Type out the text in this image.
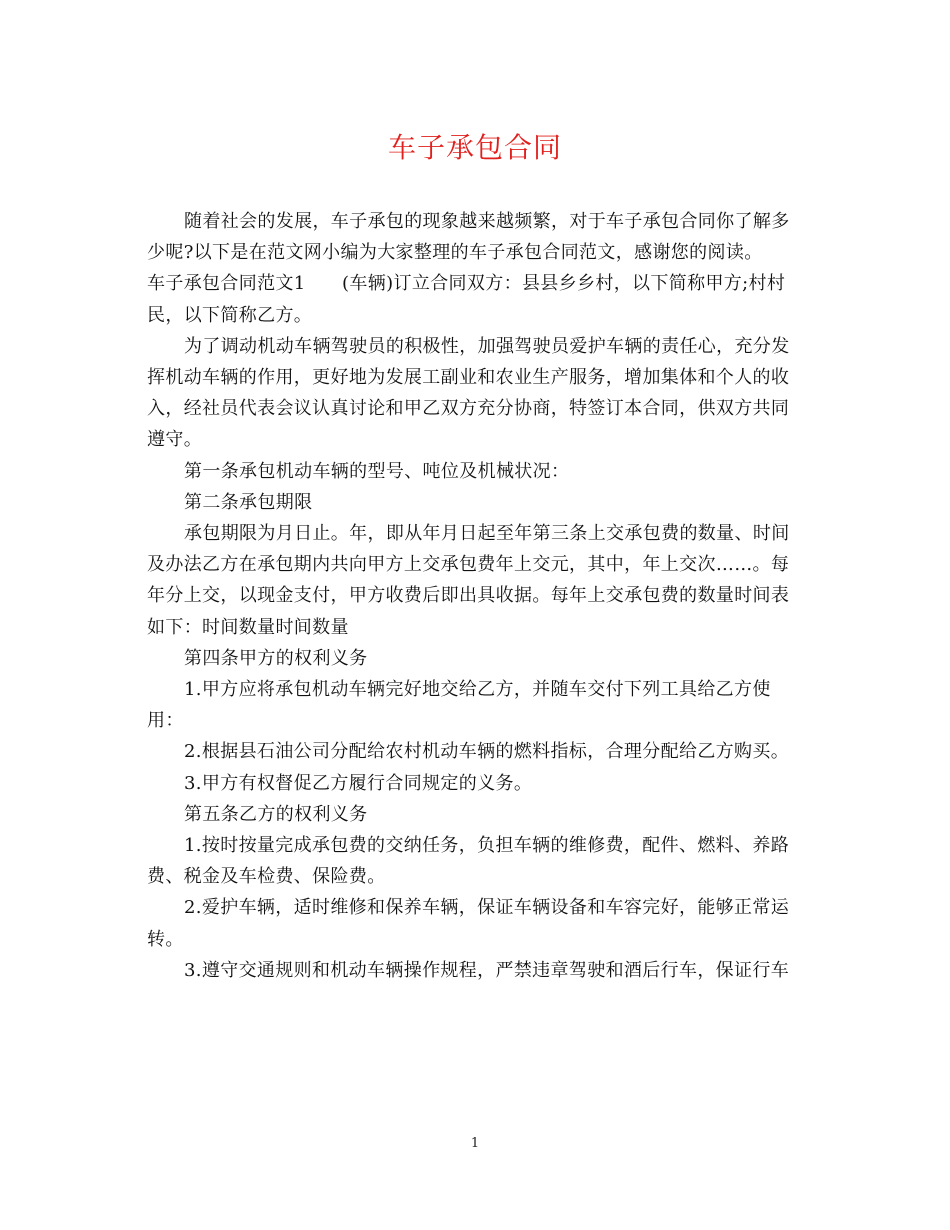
车子承包合同

随着社会的发展，车子承包的现象越来越频繁，对于车子承包合同你了解多少呢?以下是在范文网小编为大家整理的车子承包合同范文，感谢您的阅读。

车子承包合同范文1 (车辆)订立合同双方：县县乡乡村，以下简称甲方;村村民，以下简称乙方。

为了调动机动车辆驾驶员的积极性，加强驾驶员爱护车辆的责任心，充分发挥机动车辆的作用，更好地为发展工副业和农业生产服务，增加集体和个人的收入，经社员代表会议认真讨论和甲乙双方充分协商，特签订本合同，供双方共同遵守。

第一条承包机动车辆的型号、吨位及机械状况：

第二条承包期限

承包期限为月日止。年，即从年月日起至年第三条上交承包费的数量、时间及办法乙方在承包期内共向甲方上交承包费年上交元，其中，年上交次……。每年分上交，以现金支付，甲方收费后即出具收据。每年上交承包费的数量时间表如下：时间数量时间数量

第四条甲方的权利义务

1.甲方应将承包机动车辆完好地交给乙方，并随车交付下列工具给乙方使用：

2.根据县石油公司分配给农村机动车辆的燃料指标，合理分配给乙方购买。

3.甲方有权督促乙方履行合同规定的义务。

第五条乙方的权利义务

1.按时按量完成承包费的交纳任务，负担车辆的维修费，配件、燃料、养路费、税金及车检费、保险费。

2.爱护车辆，适时维修和保养车辆，保证车辆设备和车容完好，能够正常运转。

3.遵守交通规则和机动车辆操作规程，严禁违章驾驶和酒后行车，保证行车

1
